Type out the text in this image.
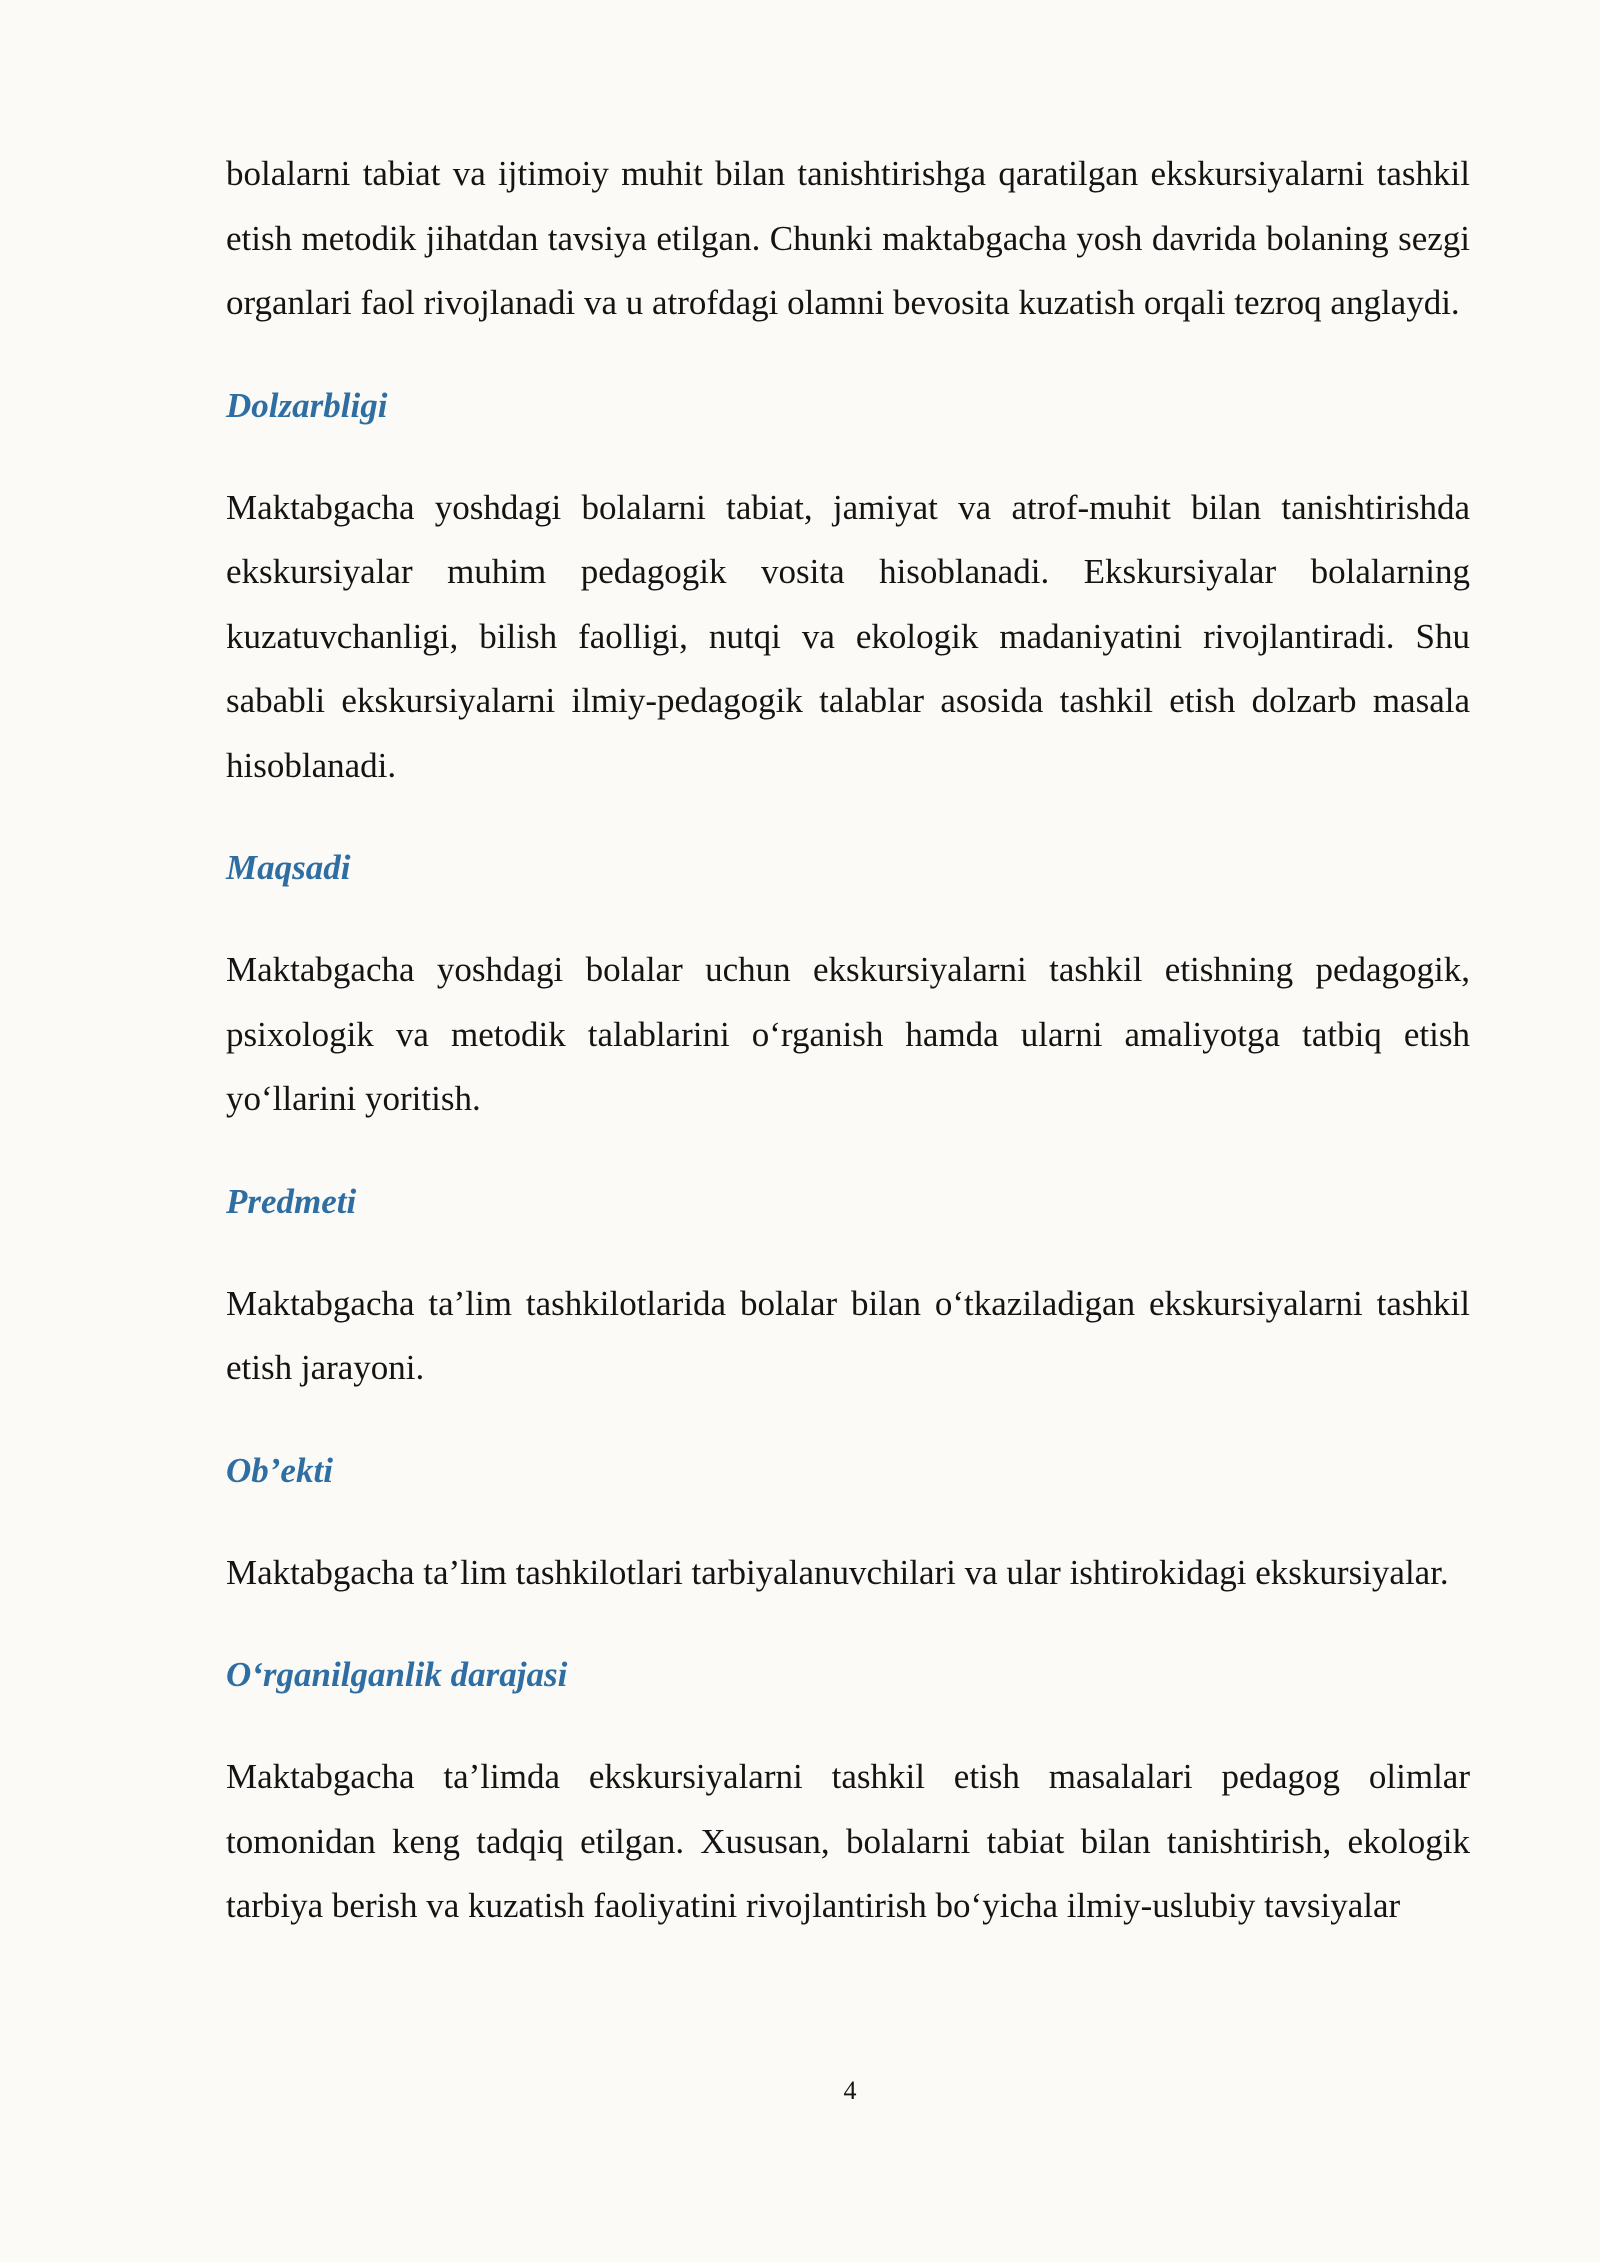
bolalarni tabiat va ijtimoiy muhit bilan tanishtirishga qaratilgan ekskursiyalarni tashkil etish metodik jihatdan tavsiya etilgan. Chunki maktabgacha yosh davrida bolaning sezgi organlari faol rivojlanadi va u atrofdagi olamni bevosita kuzatish orqali tezroq anglaydi.

Dolzarbligi

Maktabgacha yoshdagi bolalarni tabiat, jamiyat va atrof-muhit bilan tanishtirishda ekskursiyalar muhim pedagogik vosita hisoblanadi. Ekskursiyalar bolalarning kuzatuvchanligi, bilish faolligi, nutqi va ekologik madaniyatini rivojlantiradi. Shu sababli ekskursiyalarni ilmiy-pedagogik talablar asosida tashkil etish dolzarb masala hisoblanadi.

Maqsadi

Maktabgacha yoshdagi bolalar uchun ekskursiyalarni tashkil etishning pedagogik, psixologik va metodik talablarini o‘rganish hamda ularni amaliyotga tatbiq etish yo‘llarini yoritish.

Predmeti

Maktabgacha ta’lim tashkilotlarida bolalar bilan o‘tkaziladigan ekskursiyalarni tashkil etish jarayoni.

Ob’ekti

Maktabgacha ta’lim tashkilotlari tarbiyalanuvchilari va ular ishtirokidagi ekskursiyalar.

O‘rganilganlik darajasi

Maktabgacha ta’limda ekskursiyalarni tashkil etish masalalari pedagog olimlar tomonidan keng tadqiq etilgan. Xususan, bolalarni tabiat bilan tanishtirish, ekologik tarbiya berish va kuzatish faoliyatini rivojlantirish bo‘yicha ilmiy-uslubiy tavsiyalar

4
